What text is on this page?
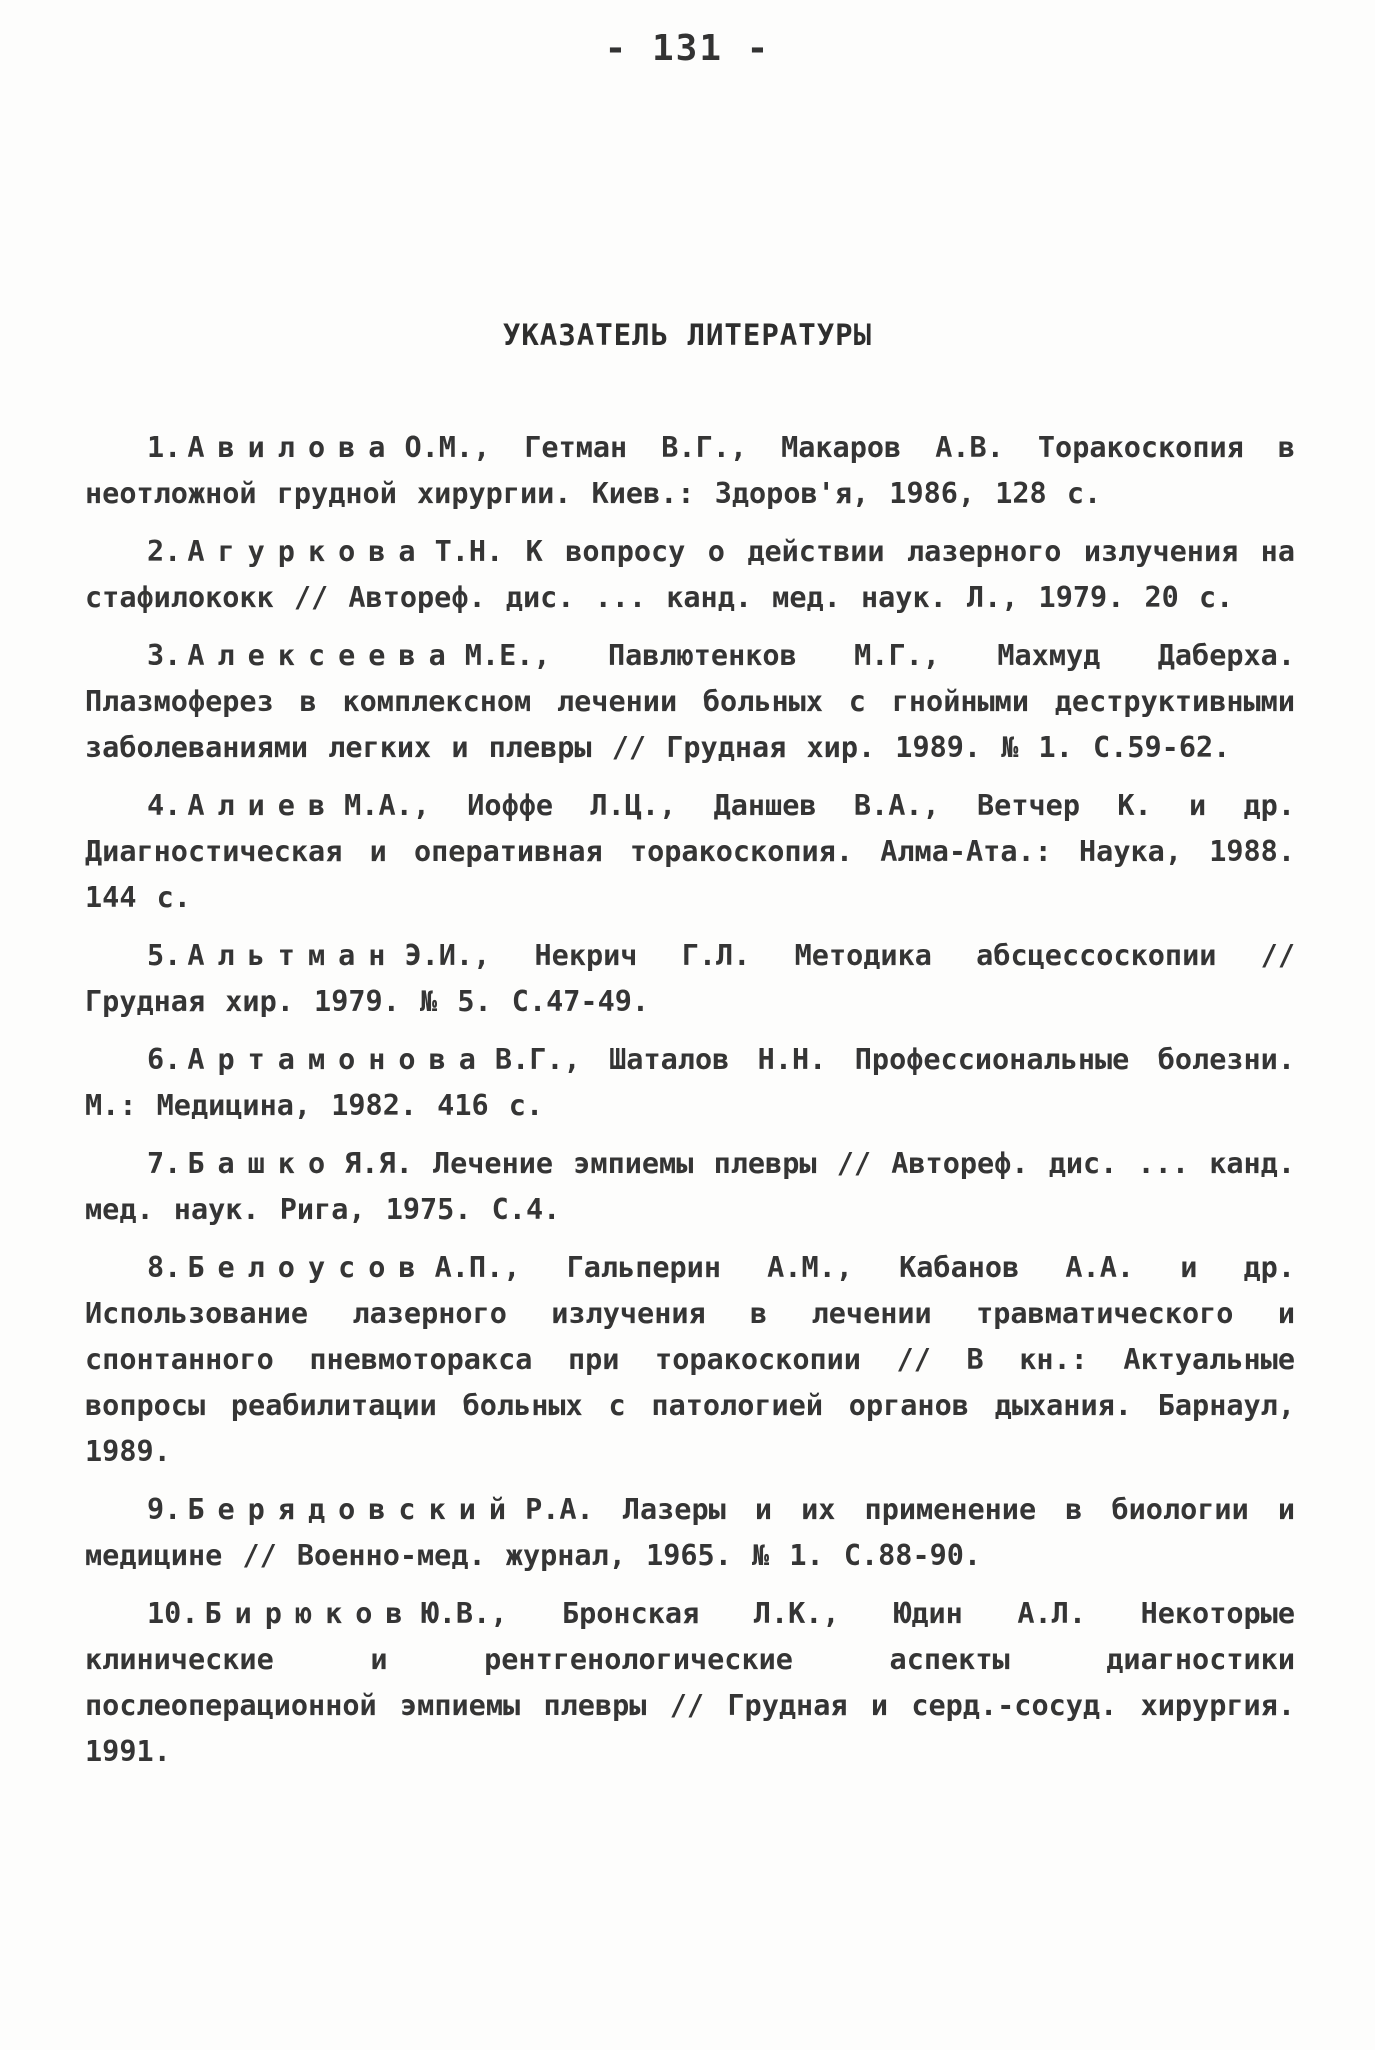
- 131 -
УКАЗАТЕЛЬ ЛИТЕРАТУРЫ
1. Авилова О.М., Гетман В.Г., Макаров А.В. Торакоскопия в неотложной грудной хирургии. Киев.: Здоров'я, 1986, 128 с.
2. Агуркова Т.Н. К вопросу о действии лазерного излучения на стафилококк // Автореф. дис. ... канд. мед. наук. Л., 1979. 20 с.
3. Алексеева М.Е., Павлютенков М.Г., Махмуд Даберха. Плазмоферез в комплексном лечении больных с гнойными деструктивными заболеваниями легких и плевры // Грудная хир. 1989. № 1. С.59-62.
4. Алиев М.А., Иоффе Л.Ц., Даншев В.А., Ветчер К. и др. Диагностическая и оперативная торакоскопия. Алма-Ата.: Наука, 1988. 144 с.
5. Альтман Э.И., Некрич Г.Л. Методика абсцессоскопии // Грудная хир. 1979. № 5. С.47-49.
6. Артамонова В.Г., Шаталов Н.Н. Профессиональные болезни. М.: Медицина, 1982. 416 с.
7. Башко Я.Я. Лечение эмпиемы плевры // Автореф. дис. ... канд. мед. наук. Рига, 1975. С.4.
8. Белоусов А.П., Гальперин А.М., Кабанов А.А. и др. Использование лазерного излучения в лечении травматического и спонтанного пневмоторакса при торакоскопии // В кн.: Актуальные вопросы реабилитации больных с патологией органов дыхания. Барнаул, 1989.
9. Берядовский Р.А. Лазеры и их применение в биологии и медицине // Военно-мед. журнал, 1965. № 1. С.88-90.
10. Бирюков Ю.В., Бронская Л.К., Юдин А.Л. Некоторые клинические и рентгенологические аспекты диагностики послеоперационной эмпиемы плевры // Грудная и серд.-сосуд. хирургия. 1991.
